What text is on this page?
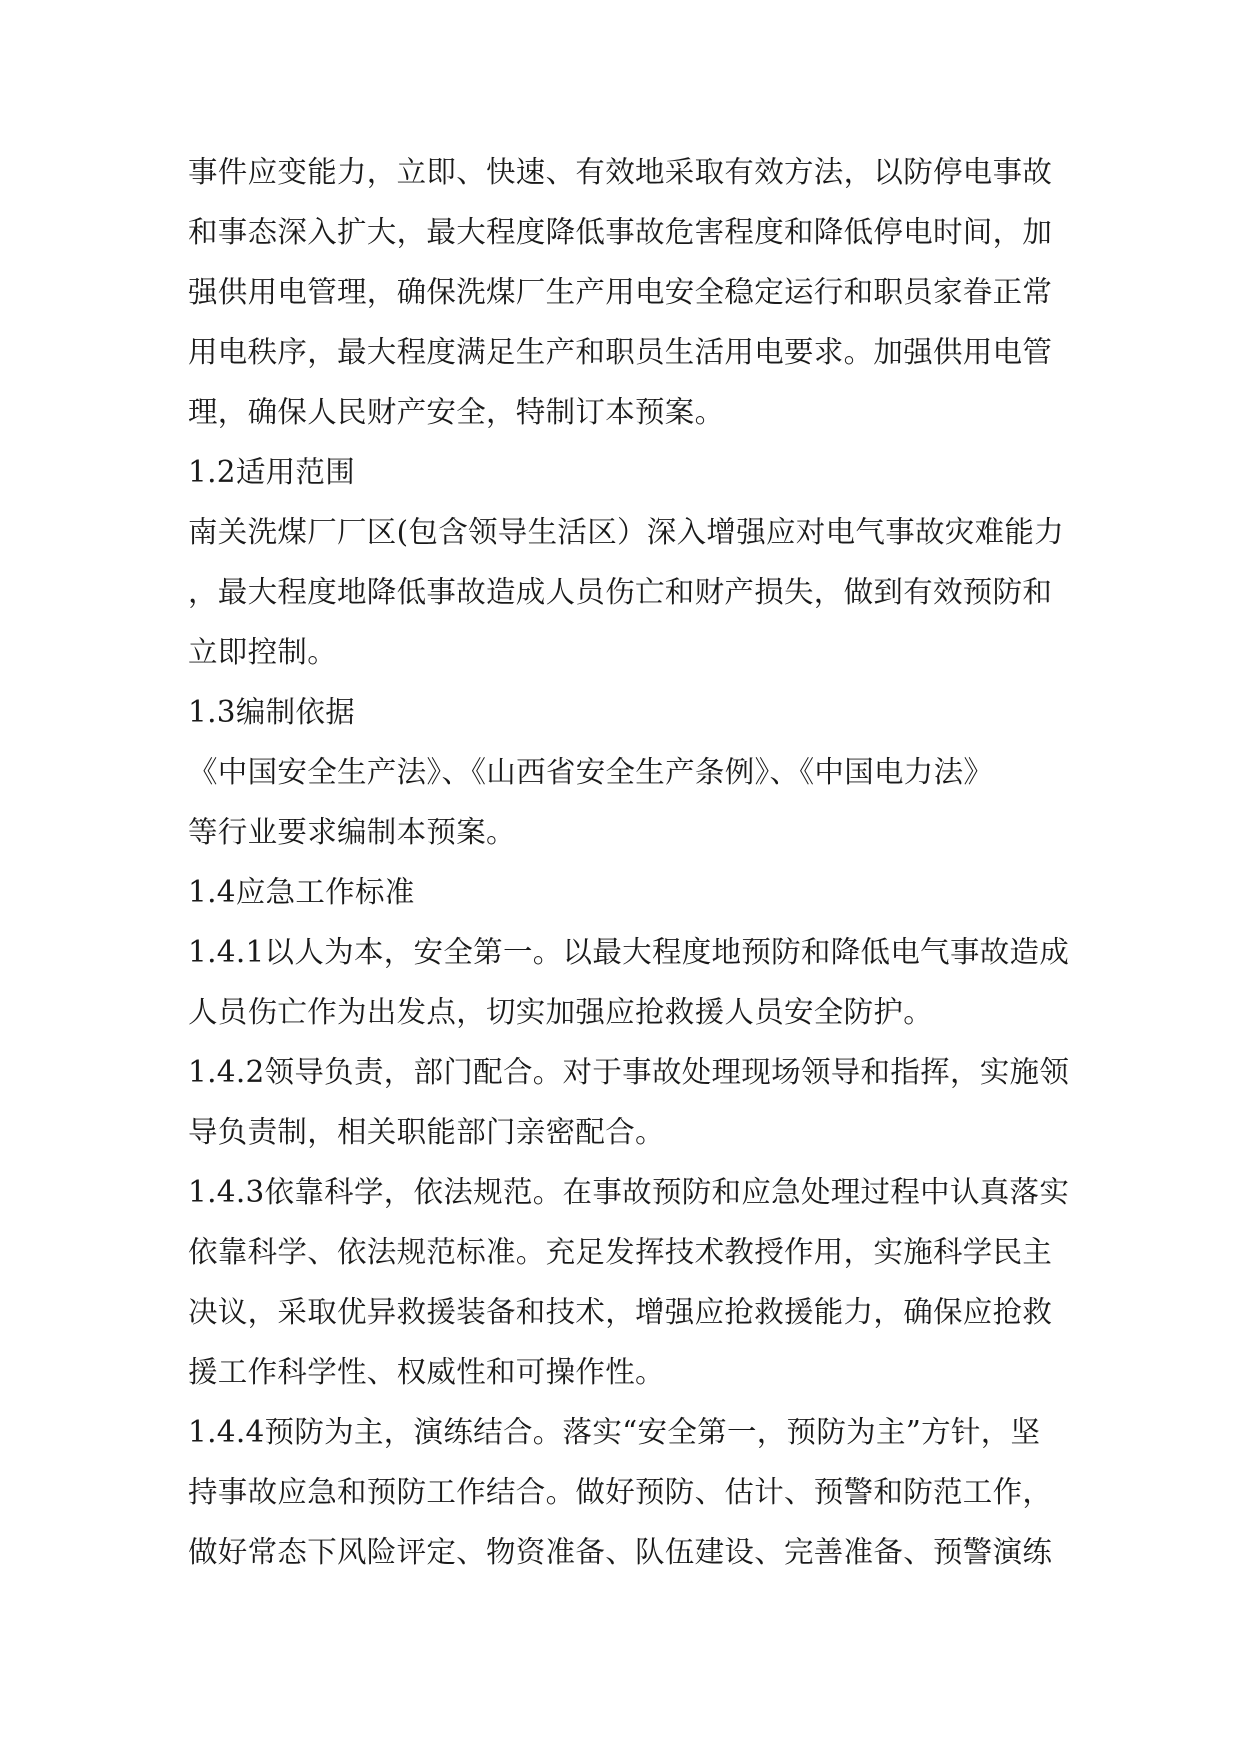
事件应变能力，立即、快速、有效地采取有效方法，以防停电事故
和事态深入扩大，最大程度降低事故危害程度和降低停电时间，加
强供用电管理，确保洗煤厂生产用电安全稳定运行和职员家眷正常
用电秩序，最大程度满足生产和职员生活用电要求。加强供用电管
理，确保人民财产安全，特制订本预案。
1.2适用范围
南关洗煤厂厂区(包含领导生活区）深入增强应对电气事故灾难能力
，最大程度地降低事故造成人员伤亡和财产损失，做到有效预防和
立即控制。
1.3编制依据
《中国安全生产法》、《山西省安全生产条例》、《中国电力法》
等行业要求编制本预案。
1.4应急工作标准
1.4.1以人为本，安全第一。以最大程度地预防和降低电气事故造成
人员伤亡作为出发点，切实加强应抢救援人员安全防护。
1.4.2领导负责，部门配合。对于事故处理现场领导和指挥，实施领
导负责制，相关职能部门亲密配合。
1.4.3依靠科学，依法规范。在事故预防和应急处理过程中认真落实
依靠科学、依法规范标准。充足发挥技术教授作用，实施科学民主
决议，采取优异救援装备和技术，增强应抢救援能力，确保应抢救
援工作科学性、权威性和可操作性。
1.4.4预防为主，演练结合。落实“安全第一，预防为主”方针，坚
持事故应急和预防工作结合。做好预防、估计、预警和防范工作，
做好常态下风险评定、物资准备、队伍建设、完善准备、预警演练
